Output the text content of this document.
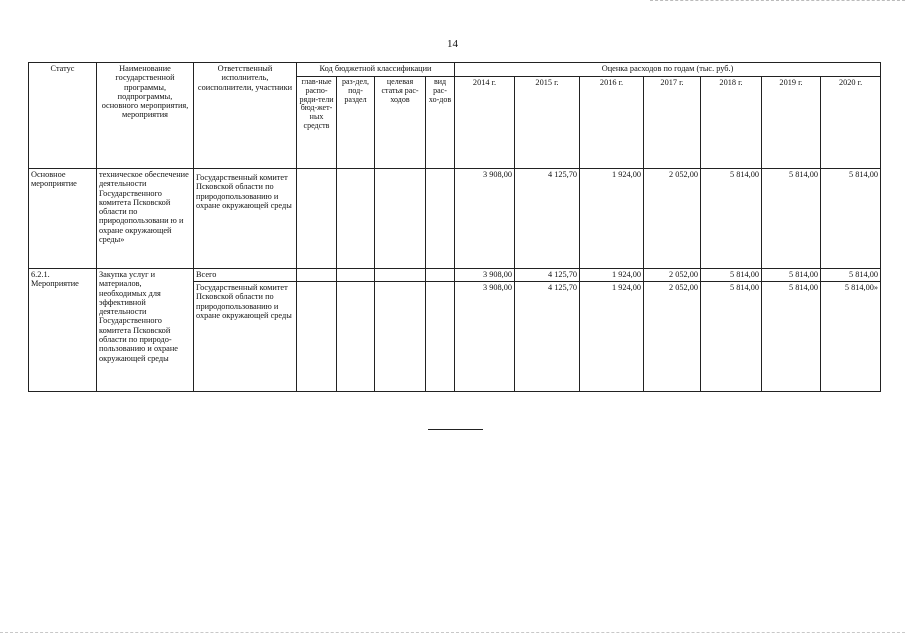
14
Статус	Наименование государственной программы, подпрограммы, основного мероприятия, мероприятия	Ответственный исполнитель, соисполнители, участники	Код бюджетной классификации				Оценка расходов по годам (тыс. руб.)						
			глав-ные распо-ряди-тели бюд-жет-ных средств	раз-дел, под-раздел	целевая статья рас-ходов	вид рас-хо-дов	2014 г.	2015 г.	2016 г.	2017 г.	2018 г.	2019 г.	2020 г.
Основное мероприятие	техническое обеспечение деятельности Государственного комитета Псковской области по природопользовани ю и охране окружающей среды»	Государственный комитет Псковской области по природопользованию и охране окружающей среды					3 908,00	4 125,70	1 924,00	2 052,00	5 814,00	5 814,00	5 814,00
6.2.1. Мероприятие	Закупка услуг и материалов, необходимых для эффективной деятельности Государственного комитета Псковской области по природо-пользованию и охране окружающей среды	Всего					3 908,00	4 125,70	1 924,00	2 052,00	5 814,00	5 814,00	5 814,00
		Государственный комитет Псковской области по природопользованию и охране окружающей среды					3 908,00	4 125,70	1 924,00	2 052,00	5 814,00	5 814,00	5 814,00»
